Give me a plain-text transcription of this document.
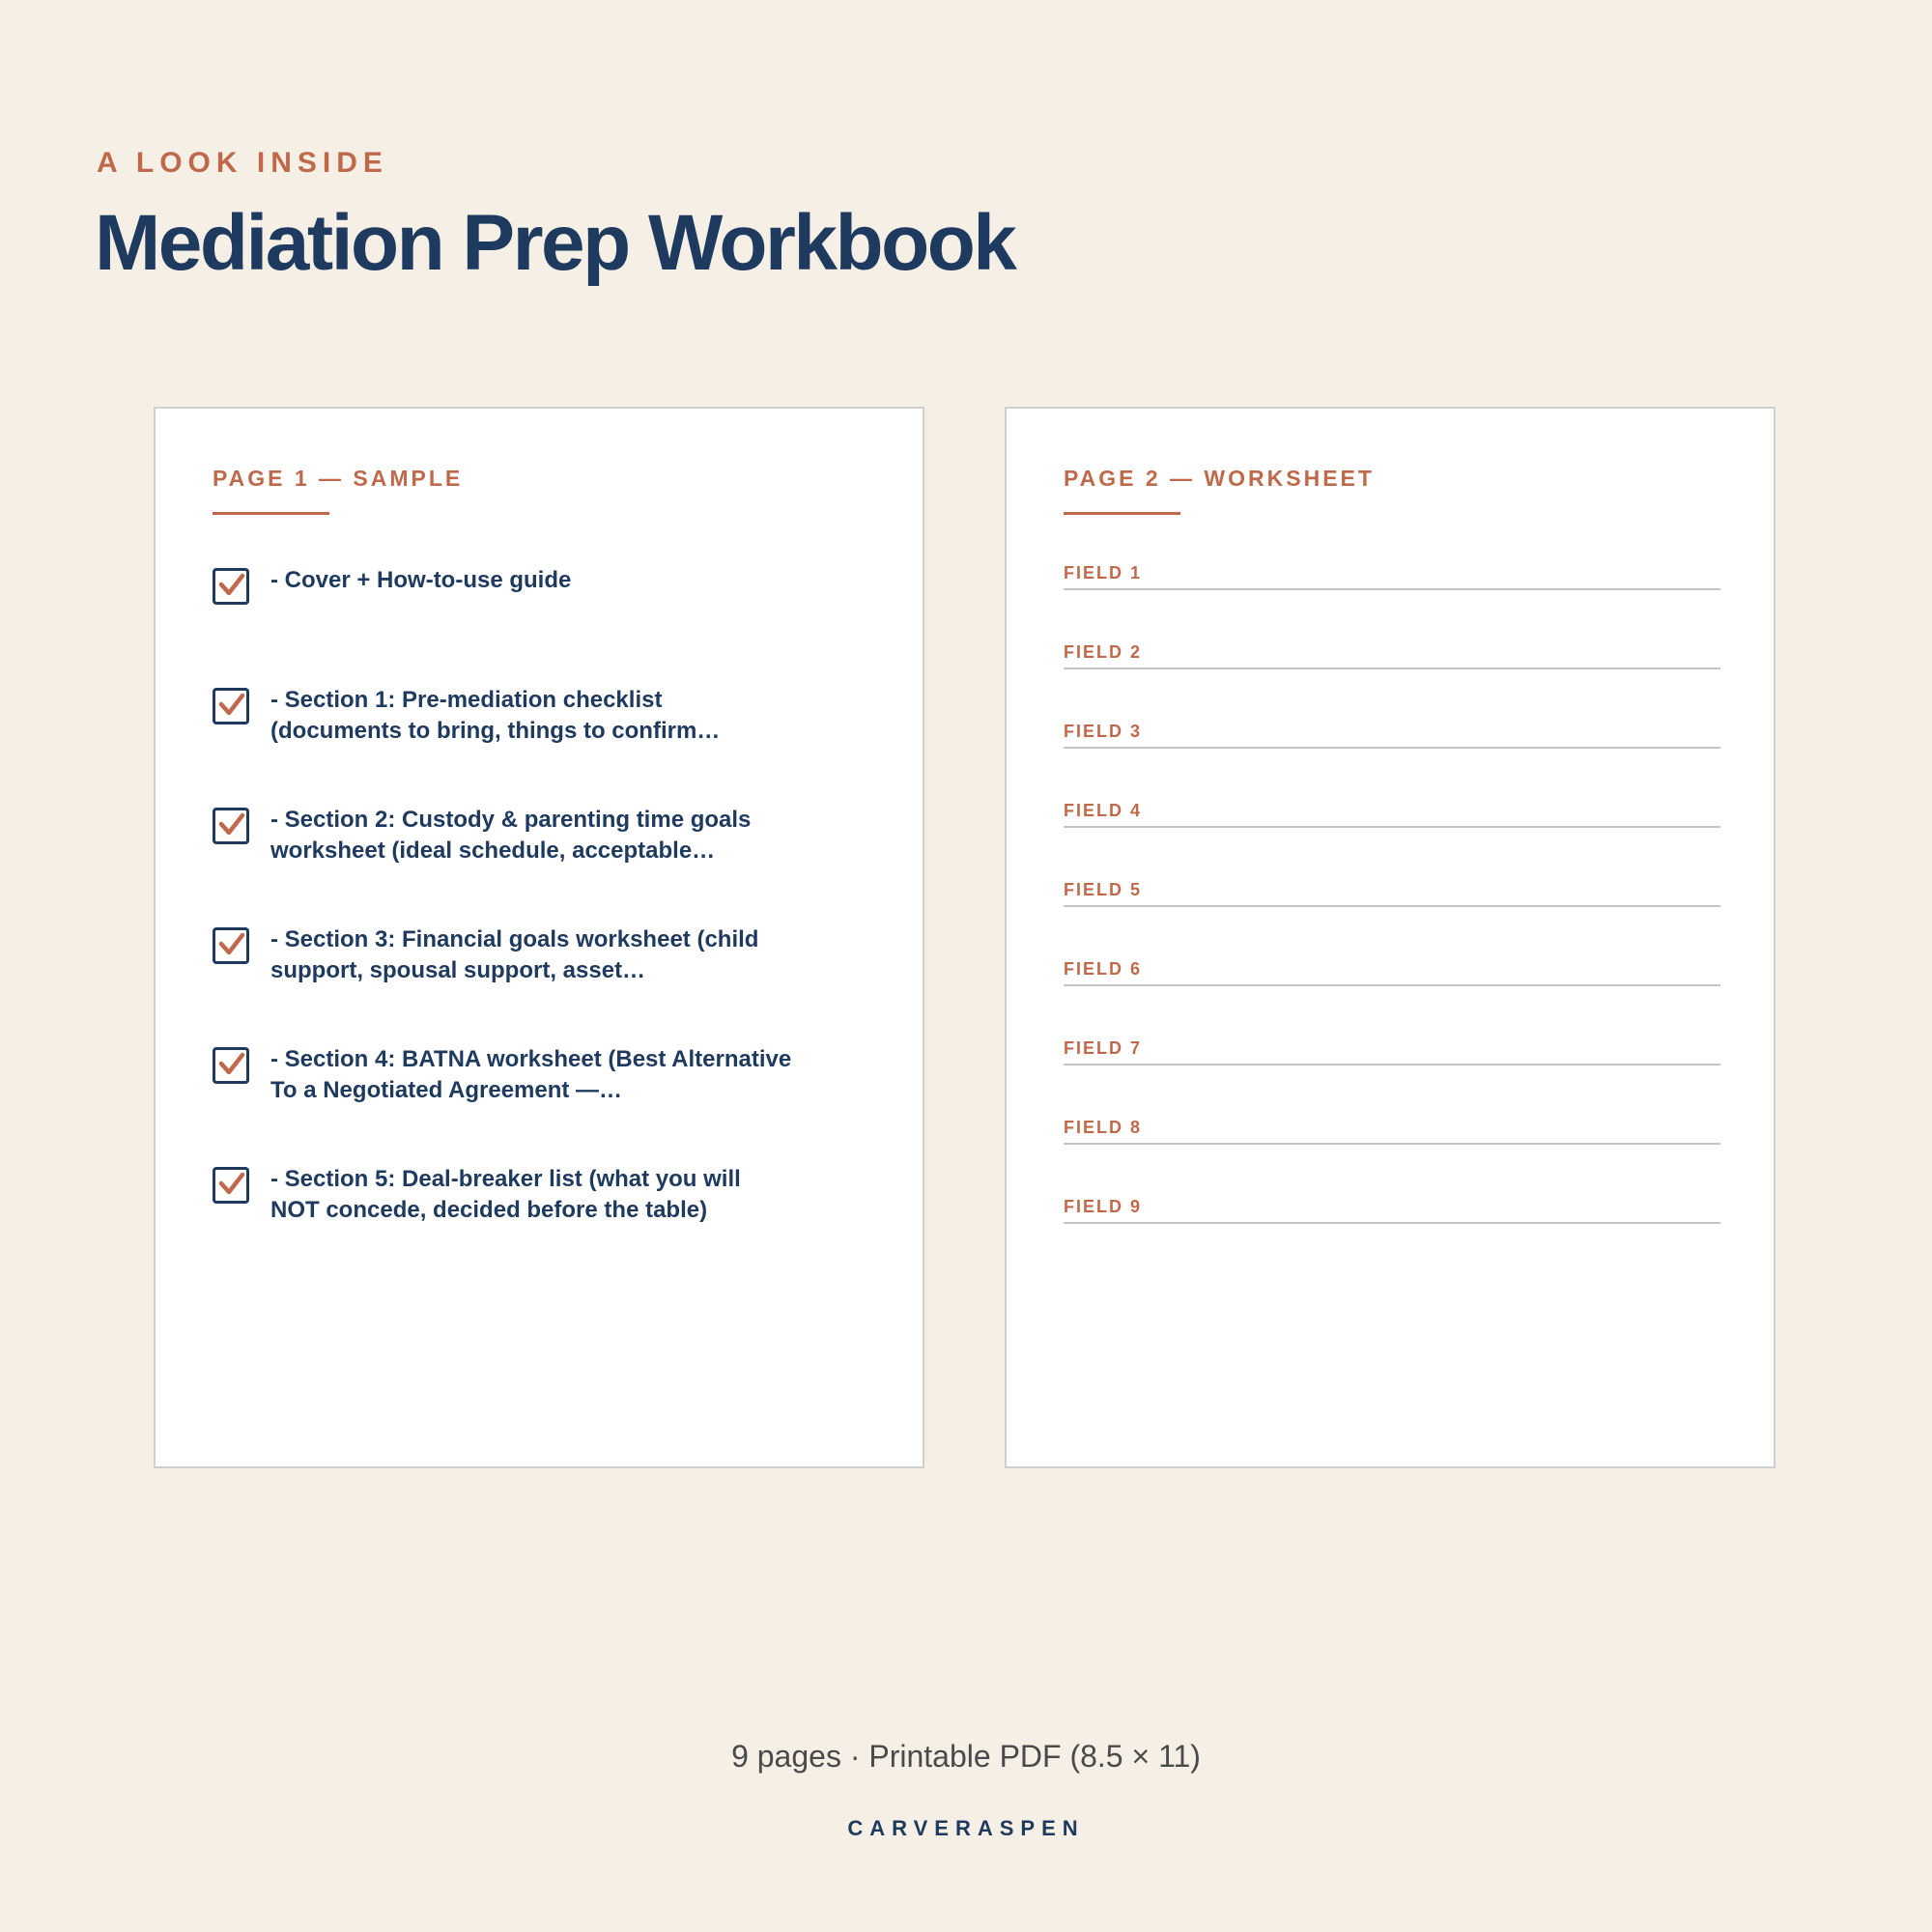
A LOOK INSIDE
Mediation Prep Workbook
PAGE 1 — SAMPLE
- Cover + How-to-use guide
- Section 1: Pre-mediation checklist (documents to bring, things to confirm…
- Section 2: Custody & parenting time goals worksheet (ideal schedule, acceptable…
- Section 3: Financial goals worksheet (child support, spousal support, asset…
- Section 4: BATNA worksheet (Best Alternative To a Negotiated Agreement —…
- Section 5: Deal-breaker list (what you will NOT concede, decided before the table)
PAGE 2 — WORKSHEET
FIELD 1
FIELD 2
FIELD 3
FIELD 4
FIELD 5
FIELD 6
FIELD 7
FIELD 8
FIELD 9
9 pages · Printable PDF (8.5 × 11)
CARVERASPEN
